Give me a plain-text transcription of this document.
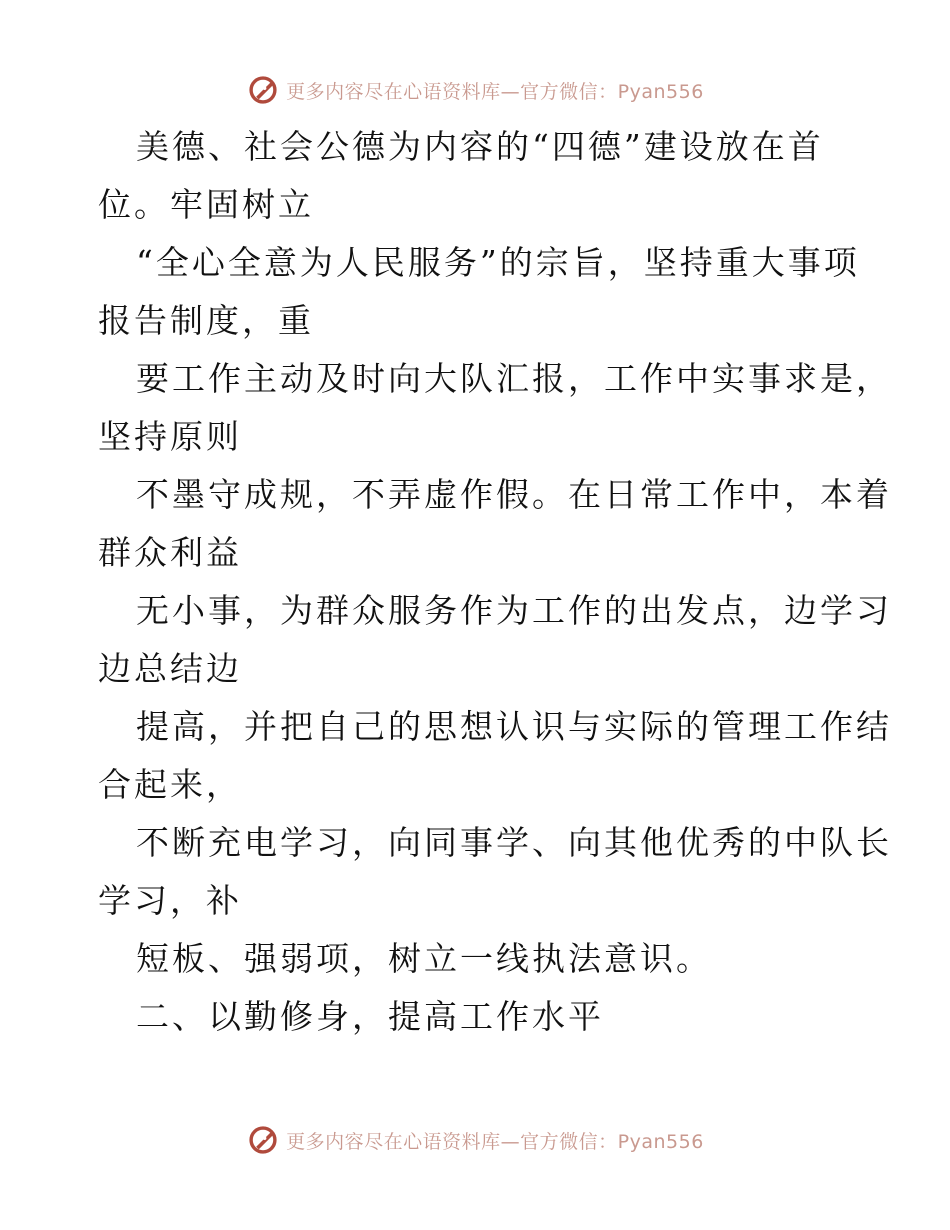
更多内容尽在心语资料库—官方微信：Pyan556
美德、社会公德为内容的“四德”建设放在首
位。牢固树立
“全心全意为人民服务”的宗旨，坚持重大事项
报告制度，重
要工作主动及时向大队汇报，工作中实事求是，
坚持原则
不墨守成规，不弄虚作假。在日常工作中，本着
群众利益
无小事，为群众服务作为工作的出发点，边学习
边总结边
提高，并把自己的思想认识与实际的管理工作结
合起来，
不断充电学习，向同事学、向其他优秀的中队长
学习，补
短板、强弱项，树立一线执法意识。
二、以勤修身，提高工作水平
更多内容尽在心语资料库—官方微信：Pyan556
